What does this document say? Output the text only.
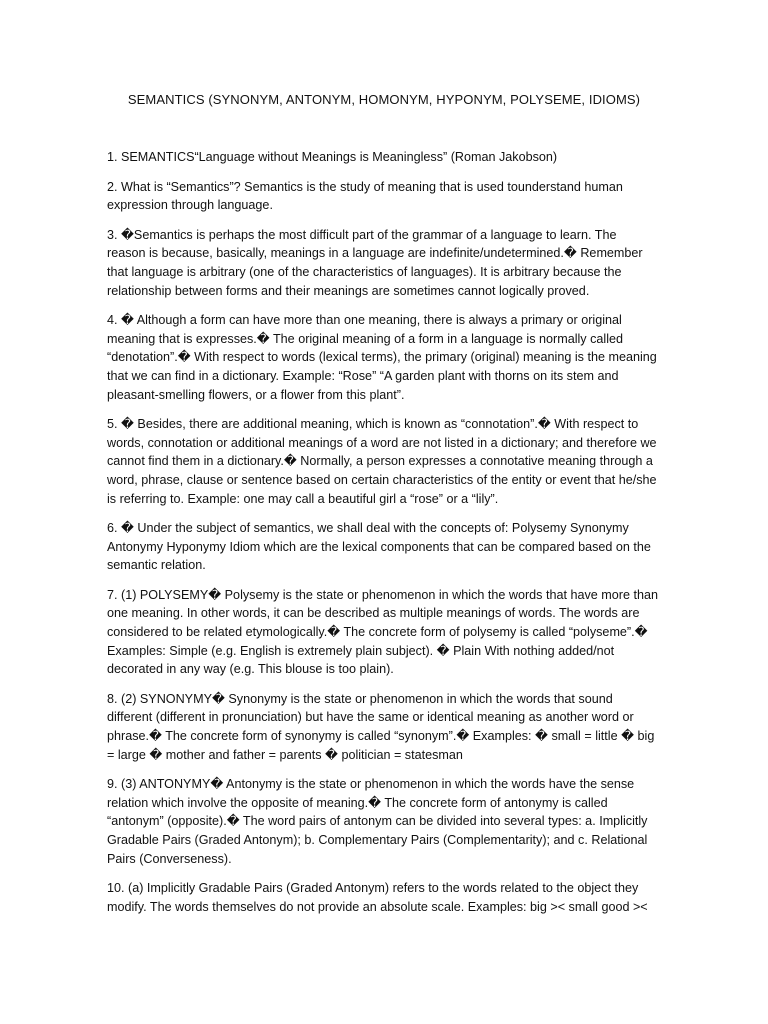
SEMANTICS (SYNONYM, ANTONYM, HOMONYM, HYPONYM, POLYSEME, IDIOMS)

1. SEMANTICS“Language without Meanings is Meaningless” (Roman Jakobson)

2. What is “Semantics”? Semantics is the study of meaning that is used tounderstand human expression through language.

3. �Semantics is perhaps the most difficult part of the grammar of a language to learn. The reason is because, basically, meanings in a language are indefinite/undetermined.� Remember that language is arbitrary (one of the characteristics of languages). It is arbitrary because the relationship between forms and their meanings are sometimes cannot logically proved.

4. � Although a form can have more than one meaning, there is always a primary or original meaning that is expresses.� The original meaning of a form in a language is normally called “denotation”.� With respect to words (lexical terms), the primary (original) meaning is the meaning that we can find in a dictionary. Example: “Rose” “A garden plant with thorns on its stem and pleasant-smelling flowers, or a flower from this plant”.

5. � Besides, there are additional meaning, which is known as “connotation”.� With respect to words, connotation or additional meanings of a word are not listed in a dictionary; and therefore we cannot find them in a dictionary.� Normally, a person expresses a connotative meaning through a word, phrase, clause or sentence based on certain characteristics of the entity or event that he/she is referring to. Example: one may call a beautiful girl a “rose” or a “lily”.

6. � Under the subject of semantics, we shall deal with the concepts of: Polysemy Synonymy Antonymy Hyponymy Idiom which are the lexical components that can be compared based on the semantic relation.

7. (1) POLYSEMY� Polysemy is the state or phenomenon in which the words that have more than one meaning. In other words, it can be described as multiple meanings of words. The words are considered to be related etymologically.� The concrete form of polysemy is called “polyseme”.� Examples: Simple (e.g. English is extremely plain subject). � Plain With nothing added/not decorated in any way (e.g. This blouse is too plain).

8. (2) SYNONYMY� Synonymy is the state or phenomenon in which the words that sound different (different in pronunciation) but have the same or identical meaning as another word or phrase.� The concrete form of synonymy is called “synonym”.� Examples: � small = little � big = large � mother and father = parents � politician = statesman

9. (3) ANTONYMY� Antonymy is the state or phenomenon in which the words have the sense relation which involve the opposite of meaning.� The concrete form of antonymy is called “antonym” (opposite).� The word pairs of antonym can be divided into several types: a. Implicitly Gradable Pairs (Graded Antonym); b. Complementary Pairs (Complementarity); and c. Relational Pairs (Converseness).

10. (a) Implicitly Gradable Pairs (Graded Antonym) refers to the words related to the object they modify. The words themselves do not provide an absolute scale. Examples: big >< small good ><
